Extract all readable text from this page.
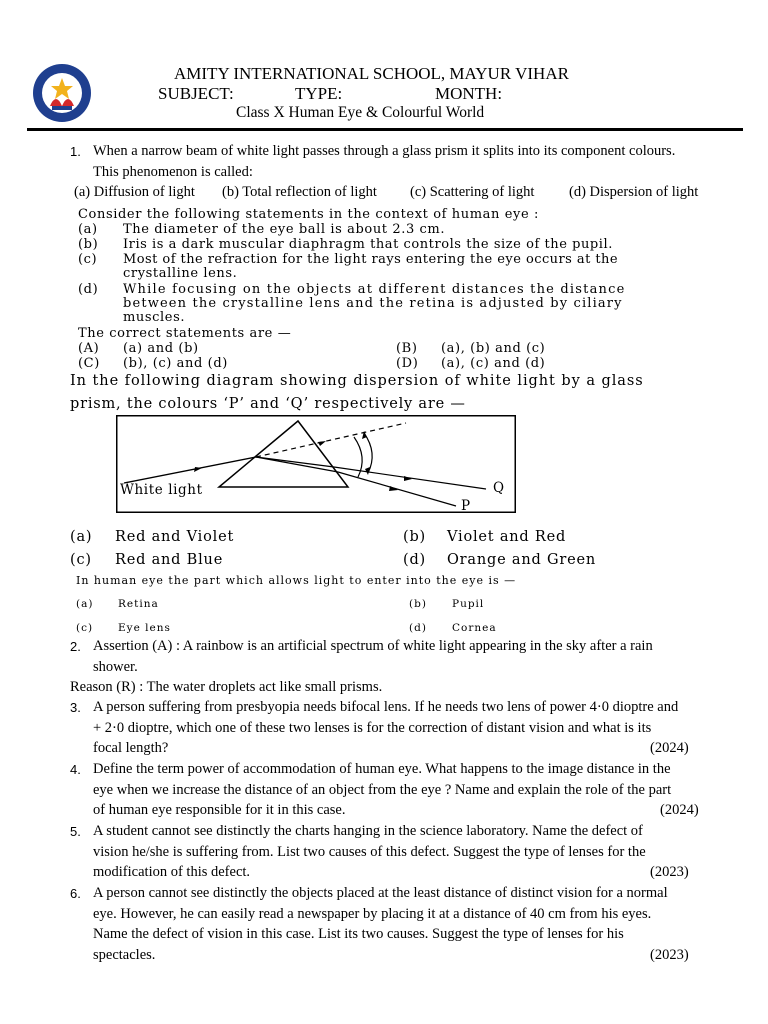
AMITY INTERNATIONAL SCHOOL, MAYUR VIHAR
SUBJECT:	TYPE:	MONTH:
Class X Human Eye & Colourful World
1. When a narrow beam of white light passes through a glass prism it splits into its component colours.
This phenomenon is called:
(a) Diffusion of light (b) Total reflection of light (c) Scattering of light (d) Dispersion of light
Consider the following statements in the context of human eye :
(a) The diameter of the eye ball is about 2.3 cm.
(b) Iris is a dark muscular diaphragm that controls the size of the pupil.
(c) Most of the refraction for the light rays entering the eye occurs at the
crystalline lens.
(d) While focusing on the objects at different distances the distance
between the crystalline lens and the retina is adjusted by ciliary
muscles.
The correct statements are —
(A) (a) and (b)	(B) (a), (b) and (c)
(C) (b), (c) and (d)	(D) (a), (c) and (d)
In the following diagram showing dispersion of white light by a glass
prism, the colours ‘P’ and ‘Q’ respectively are —
White light	Q
P
(a) Red and Violet	(b) Violet and Red
(c) Red and Blue	(d) Orange and Green
In human eye the part which allows light to enter into the eye is —
(a) Retina	(b) Pupil
(c) Eye lens	(d) Cornea
2. Assertion (A) : A rainbow is an artificial spectrum of white light appearing in the sky after a rain
shower.
Reason (R) : The water droplets act like small prisms.
3. A person suffering from presbyopia needs bifocal lens. If he needs two lens of power 4·0 dioptre and
+ 2·0 dioptre, which one of these two lenses is for the correction of distant vision and what is its
focal length?	(2024)
4. Define the term power of accommodation of human eye. What happens to the image distance in the
eye when we increase the distance of an object from the eye ? Name and explain the role of the part
of human eye responsible for it in this case.	(2024)
5. A student cannot see distinctly the charts hanging in the science laboratory. Name the defect of
vision he/she is suffering from. List two causes of this defect. Suggest the type of lenses for the
modification of this defect.	(2023)
6. A person cannot see distinctly the objects placed at the least distance of distinct vision for a normal
eye. However, he can easily read a newspaper by placing it at a distance of 40 cm from his eyes.
Name the defect of vision in this case. List its two causes. Suggest the type of lenses for his
spectacles.	(2023)
